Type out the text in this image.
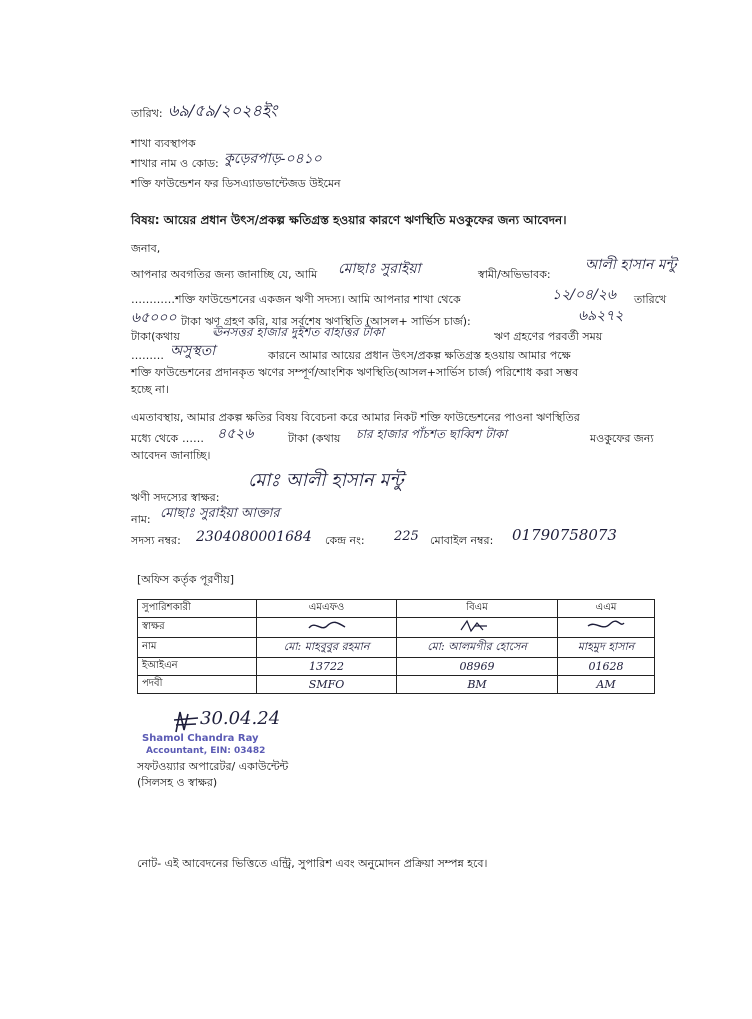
তারিখ: ৬৯/৫৯/২০২৪ইং
শাখা ব্যবস্থাপক
শাখার নাম ও কোড: কুড়েরপাড়-০৪১০
শক্তি ফাউন্ডেশন ফর ডিসএ্যাডভান্টেজড উইমেন
বিষয়: আয়ের প্রধান উৎস/প্রকল্প ক্ষতিগ্রস্ত হওয়ার কারণে ঋণস্থিতি মওকুফের জন্য আবেদন।
জনাব,
আপনার অবগতির জন্য জানাচ্ছি যে, আমি মোছাঃ সুরাইয়া	স্বামী/অভিভাবক:
আলী হাসান মন্টু
…………শক্তি ফাউন্ডেশনের একজন ঋণী সদস্য। আমি আপনার শাখা থেকে	১২/০৪/২৬ তারিখে
৬৫০০০ টাকা ঋণ গ্রহণ করি, যার সর্বশেষ ঋণস্থিতি (আসল+ সার্ভিস চার্জ):	৬৯২৭২
টাকা(কথায়	ঊনসত্তর হাজার দুইশত বাহাত্তর টাকা	ঋণ গ্রহণের পরবর্তী সময়
……… অসুস্থতা	কারনে আমার আয়ের প্রধান উৎস/প্রকল্প ক্ষতিগ্রস্ত হওয়ায় আমার পক্ষে
শক্তি ফাউন্ডেশনের প্রদানকৃত ঋণের সম্পূর্ণ/আংশিক ঋণস্থিতি(আসল+সার্ভিস চার্জ) পরিশোধ করা সম্ভব
হচ্ছে না।
এমতাবস্থায়, আমার প্রকল্প ক্ষতির বিষয় বিবেচনা করে আমার নিকট শক্তি ফাউন্ডেশনের পাওনা ঋণস্থিতির
মধ্যে থেকে …… ৪৫২৬	টাকা (কথায় চার হাজার পাঁচশত ছাব্বিশ টাকা	মওকুফের জন্য
আবেদন জানাচ্ছি।
ঋণী সদস্যের স্বাক্ষর:
মোঃ আলী হাসান মন্টু
নাম: মোছাঃ সুরাইয়া আক্তার
সদস্য নম্বর: 2304080001684 কেন্দ্র নং: 225 মোবাইল নম্বর: 01790758073
[অফিস কর্তৃক পূরণীয়]
সুপারিশকারী	এমএফও	বিএম	এএম
স্বাক্ষর			
নাম	মো: মাহবুবুর রহমান	মো: আলমগীর হোসেন	মাহমুদ হাসান
ইআইএন	13722	08969	01628
পদবী	SMFO	BM	AM
30.04.24
Shamol Chandra Ray
Accountant, EIN: 03482
সফটওয়্যার অপারেটর/ একাউন্টেন্ট
(সিলসহ ও স্বাক্ষর)
নোট- এই আবেদনের ভিত্তিতে এন্ট্রি, সুপারিশ এবং অনুমোদন প্রক্রিয়া সম্পন্ন হবে।
